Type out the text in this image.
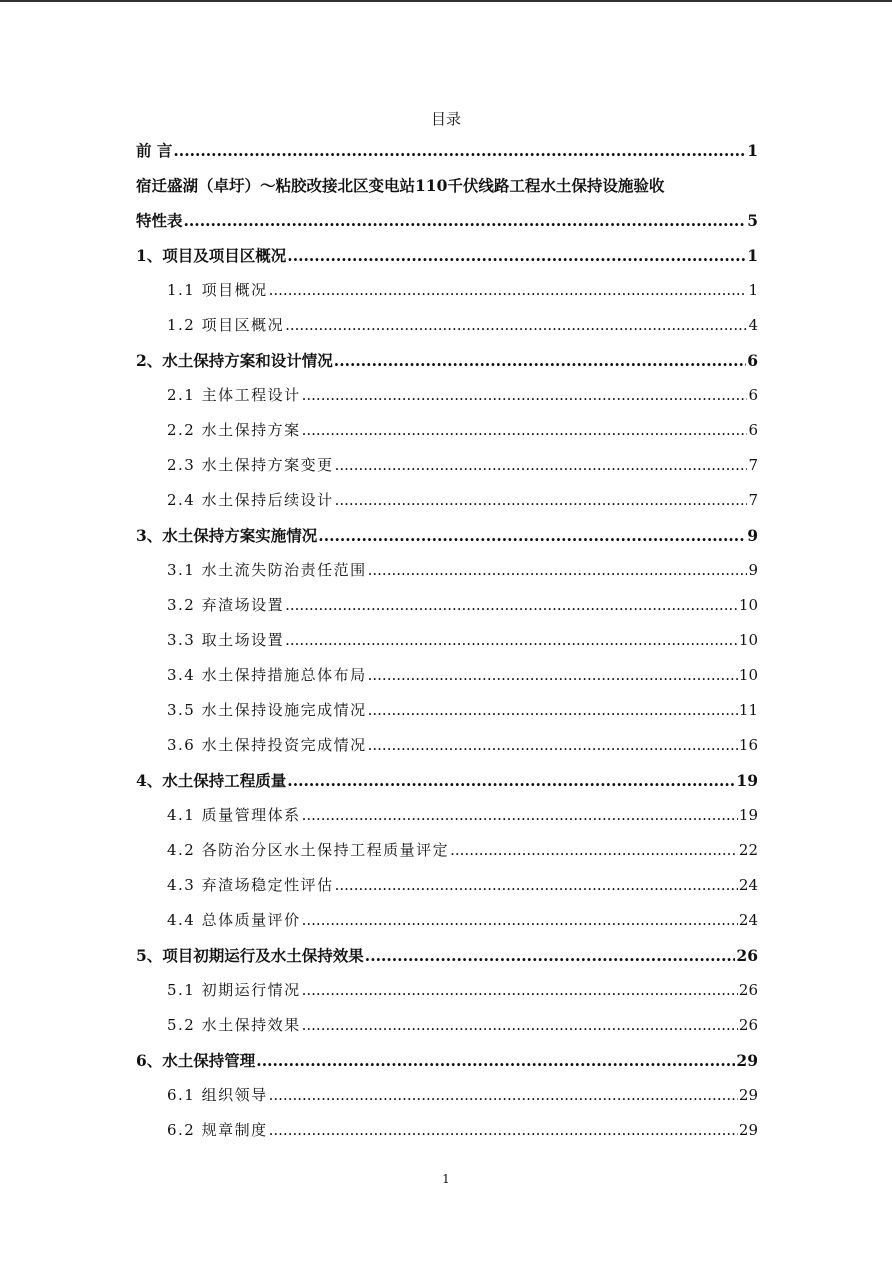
目录
前 言 .....	1
宿迁盛湖（卓圩）～粘胶改接北区变电站110千伏线路工程水土保持设施验收
特性表 .....	5
1、项目及项目区概况 .....	1
1.1 项目概况 .....	1
1.2 项目区概况 .....	4
2、水土保持方案和设计情况 .....	6
2.1 主体工程设计 .....	6
2.2 水土保持方案 .....	6
2.3 水土保持方案变更 .....	7
2.4 水土保持后续设计 .....	7
3、水土保持方案实施情况 .....	9
3.1 水土流失防治责任范围 .....	9
3.2 弃渣场设置 .....	10
3.3 取土场设置 .....	10
3.4 水土保持措施总体布局 .....	10
3.5 水土保持设施完成情况 .....	11
3.6 水土保持投资完成情况 .....	16
4、水土保持工程质量 .....	19
4.1 质量管理体系 .....	19
4.2 各防治分区水土保持工程质量评定 .....	22
4.3 弃渣场稳定性评估 .....	24
4.4 总体质量评价 .....	24
5、项目初期运行及水土保持效果 .....	26
5.1 初期运行情况 .....	26
5.2 水土保持效果 .....	26
6、水土保持管理 .....	29
6.1 组织领导 .....	29
6.2 规章制度 .....	29
1
